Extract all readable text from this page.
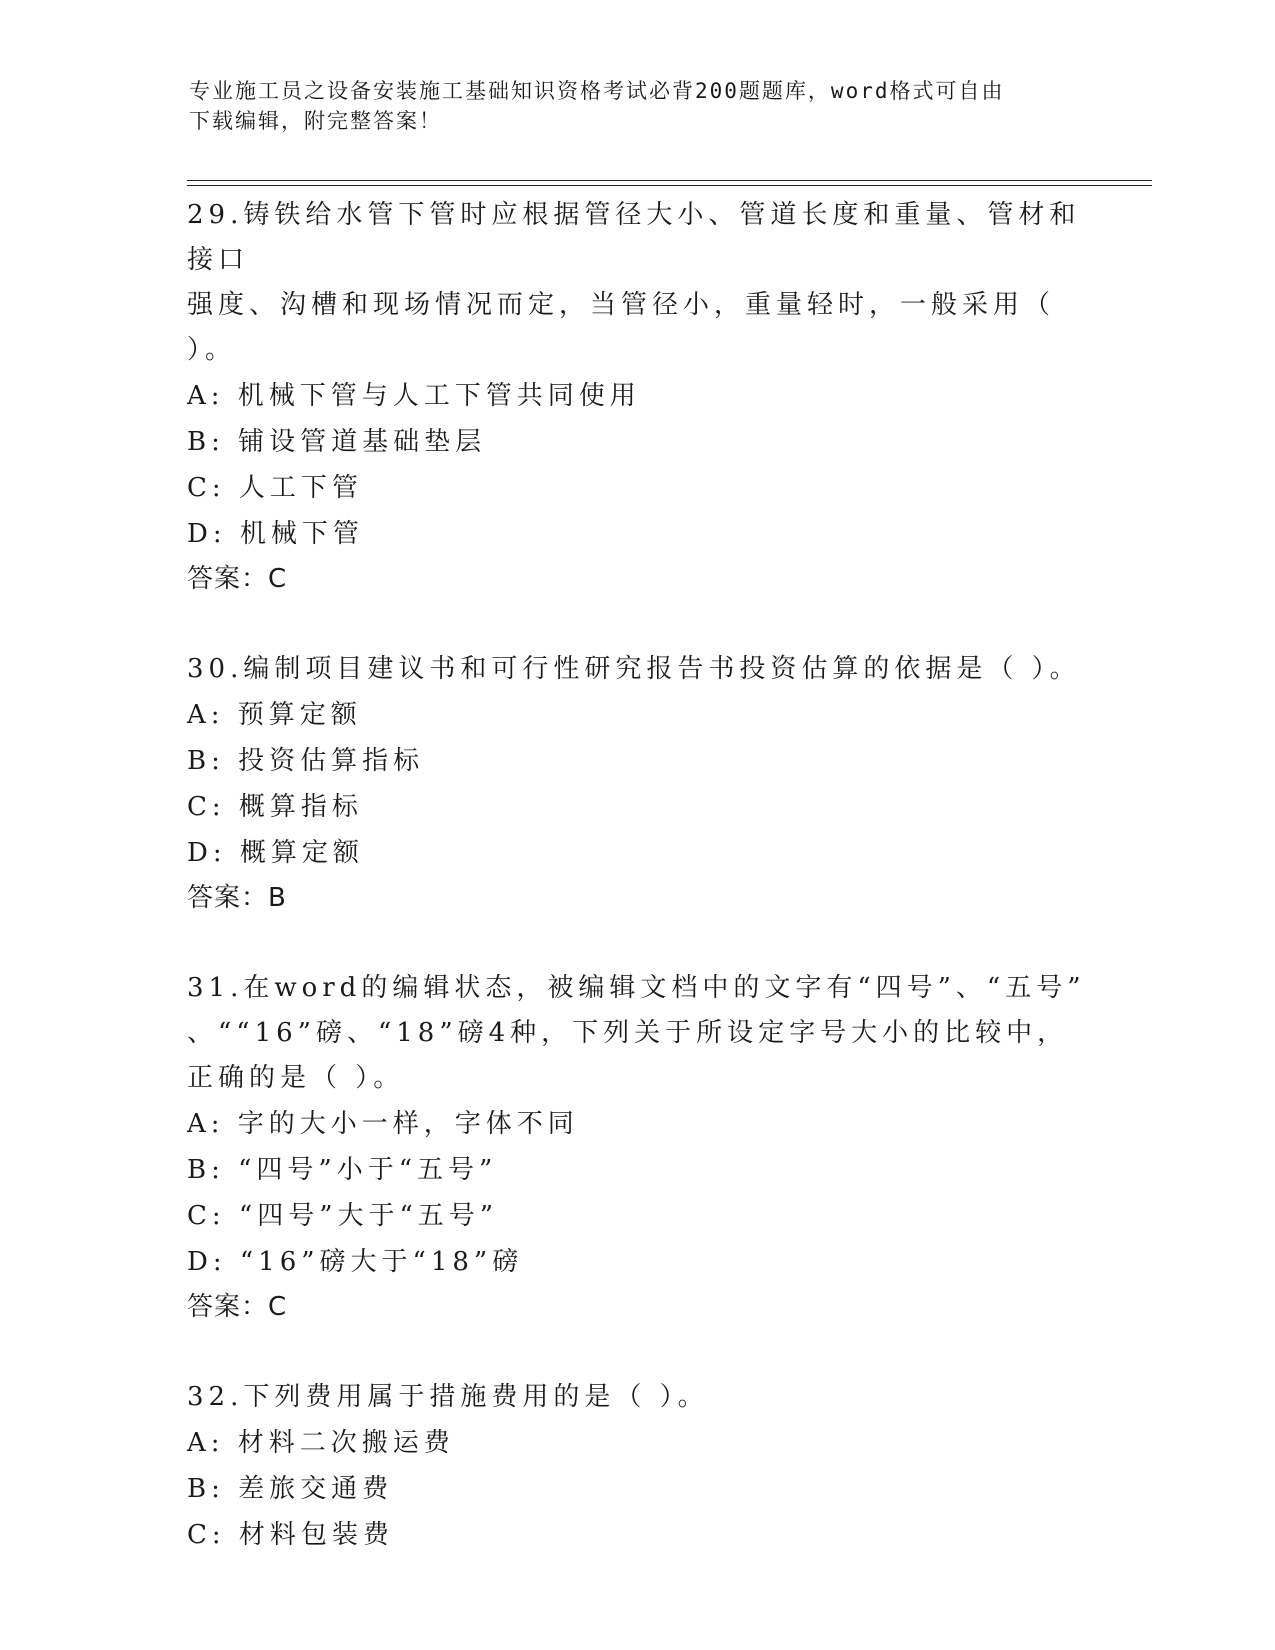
专业施工员之设备安装施工基础知识资格考试必背200题题库，word格式可自由
下载编辑，附完整答案！
29.铸铁给水管下管时应根据管径大小、管道长度和重量、管材和接口
强度、沟槽和现场情况而定，当管径小，重量轻时，一般采用（ ）。
A: 机械下管与人工下管共同使用
B: 铺设管道基础垫层
C: 人工下管
D: 机械下管
答案：C
30.编制项目建议书和可行性研究报告书投资估算的依据是（ ）。
A: 预算定额
B: 投资估算指标
C: 概算指标
D: 概算定额
答案：B
31.在word的编辑状态，被编辑文档中的文字有“四号”、“五号”
、““16”磅、“18”磅4种，下列关于所设定字号大小的比较中，
正确的是（ ）。
A: 字的大小一样，字体不同
B: “四号”小于“五号”
C: “四号”大于“五号”
D: “16”磅大于“18”磅
答案：C
32.下列费用属于措施费用的是（ ）。
A: 材料二次搬运费
B: 差旅交通费
C: 材料包装费
